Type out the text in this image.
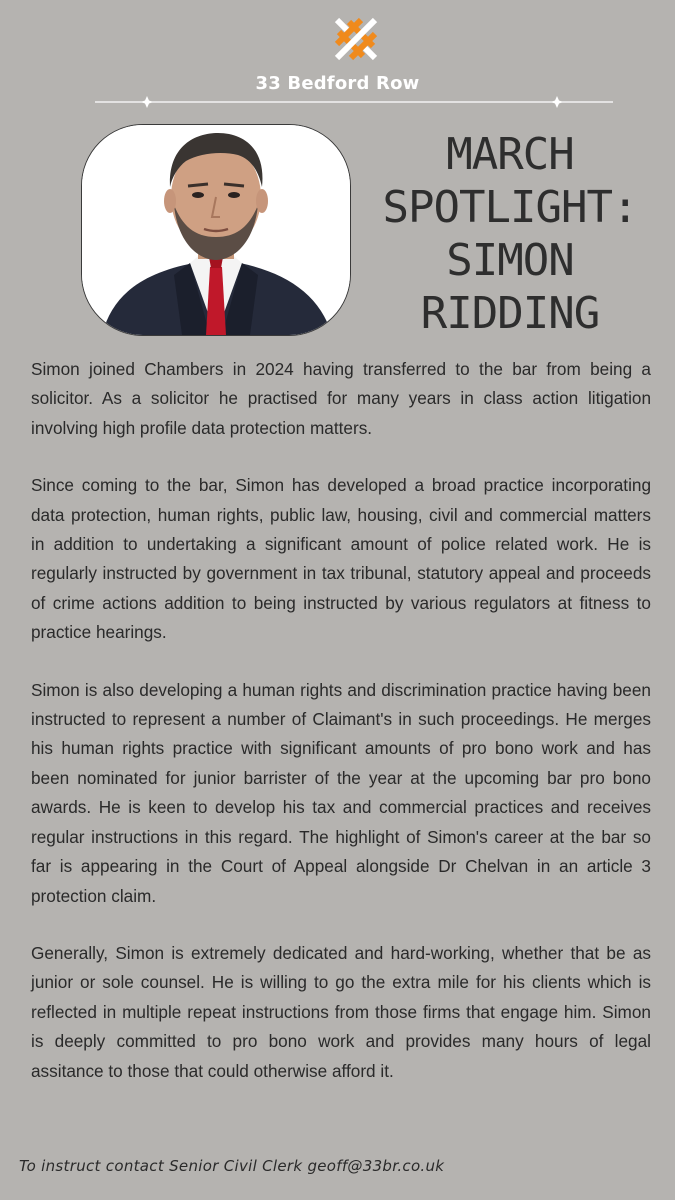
33 Bedford Row
MARCH
SPOTLIGHT:
SIMON
RIDDING

Simon joined Chambers in 2024 having transferred to the bar from being a solicitor. As a solicitor he practised for many years in class action litigation involving high profile data protection matters.

Since coming to the bar, Simon has developed a broad practice incorporating data protection, human rights, public law, housing, civil and commercial matters in addition to undertaking a significant amount of police related work. He is regularly instructed by government in tax tribunal, statutory appeal and proceeds of crime actions addition to being instructed by various regulators at fitness to practice hearings.

Simon is also developing a human rights and discrimination practice having been instructed to represent a number of Claimant's in such proceedings. He merges his human rights practice with significant amounts of pro bono work and has been nominated for junior barrister of the year at the upcoming bar pro bono awards. He is keen to develop his tax and commercial practices and receives regular instructions in this regard. The highlight of Simon's career at the bar so far is appearing in the Court of Appeal alongside Dr Chelvan in an article 3 protection claim.

Generally, Simon is extremely dedicated and hard-working, whether that be as junior or sole counsel. He is willing to go the extra mile for his clients which is reflected in multiple repeat instructions from those firms that engage him. Simon is deeply committed to pro bono work and provides many hours of legal assitance to those that could otherwise afford it.

To instruct contact Senior Civil Clerk geoff@33br.co.uk
